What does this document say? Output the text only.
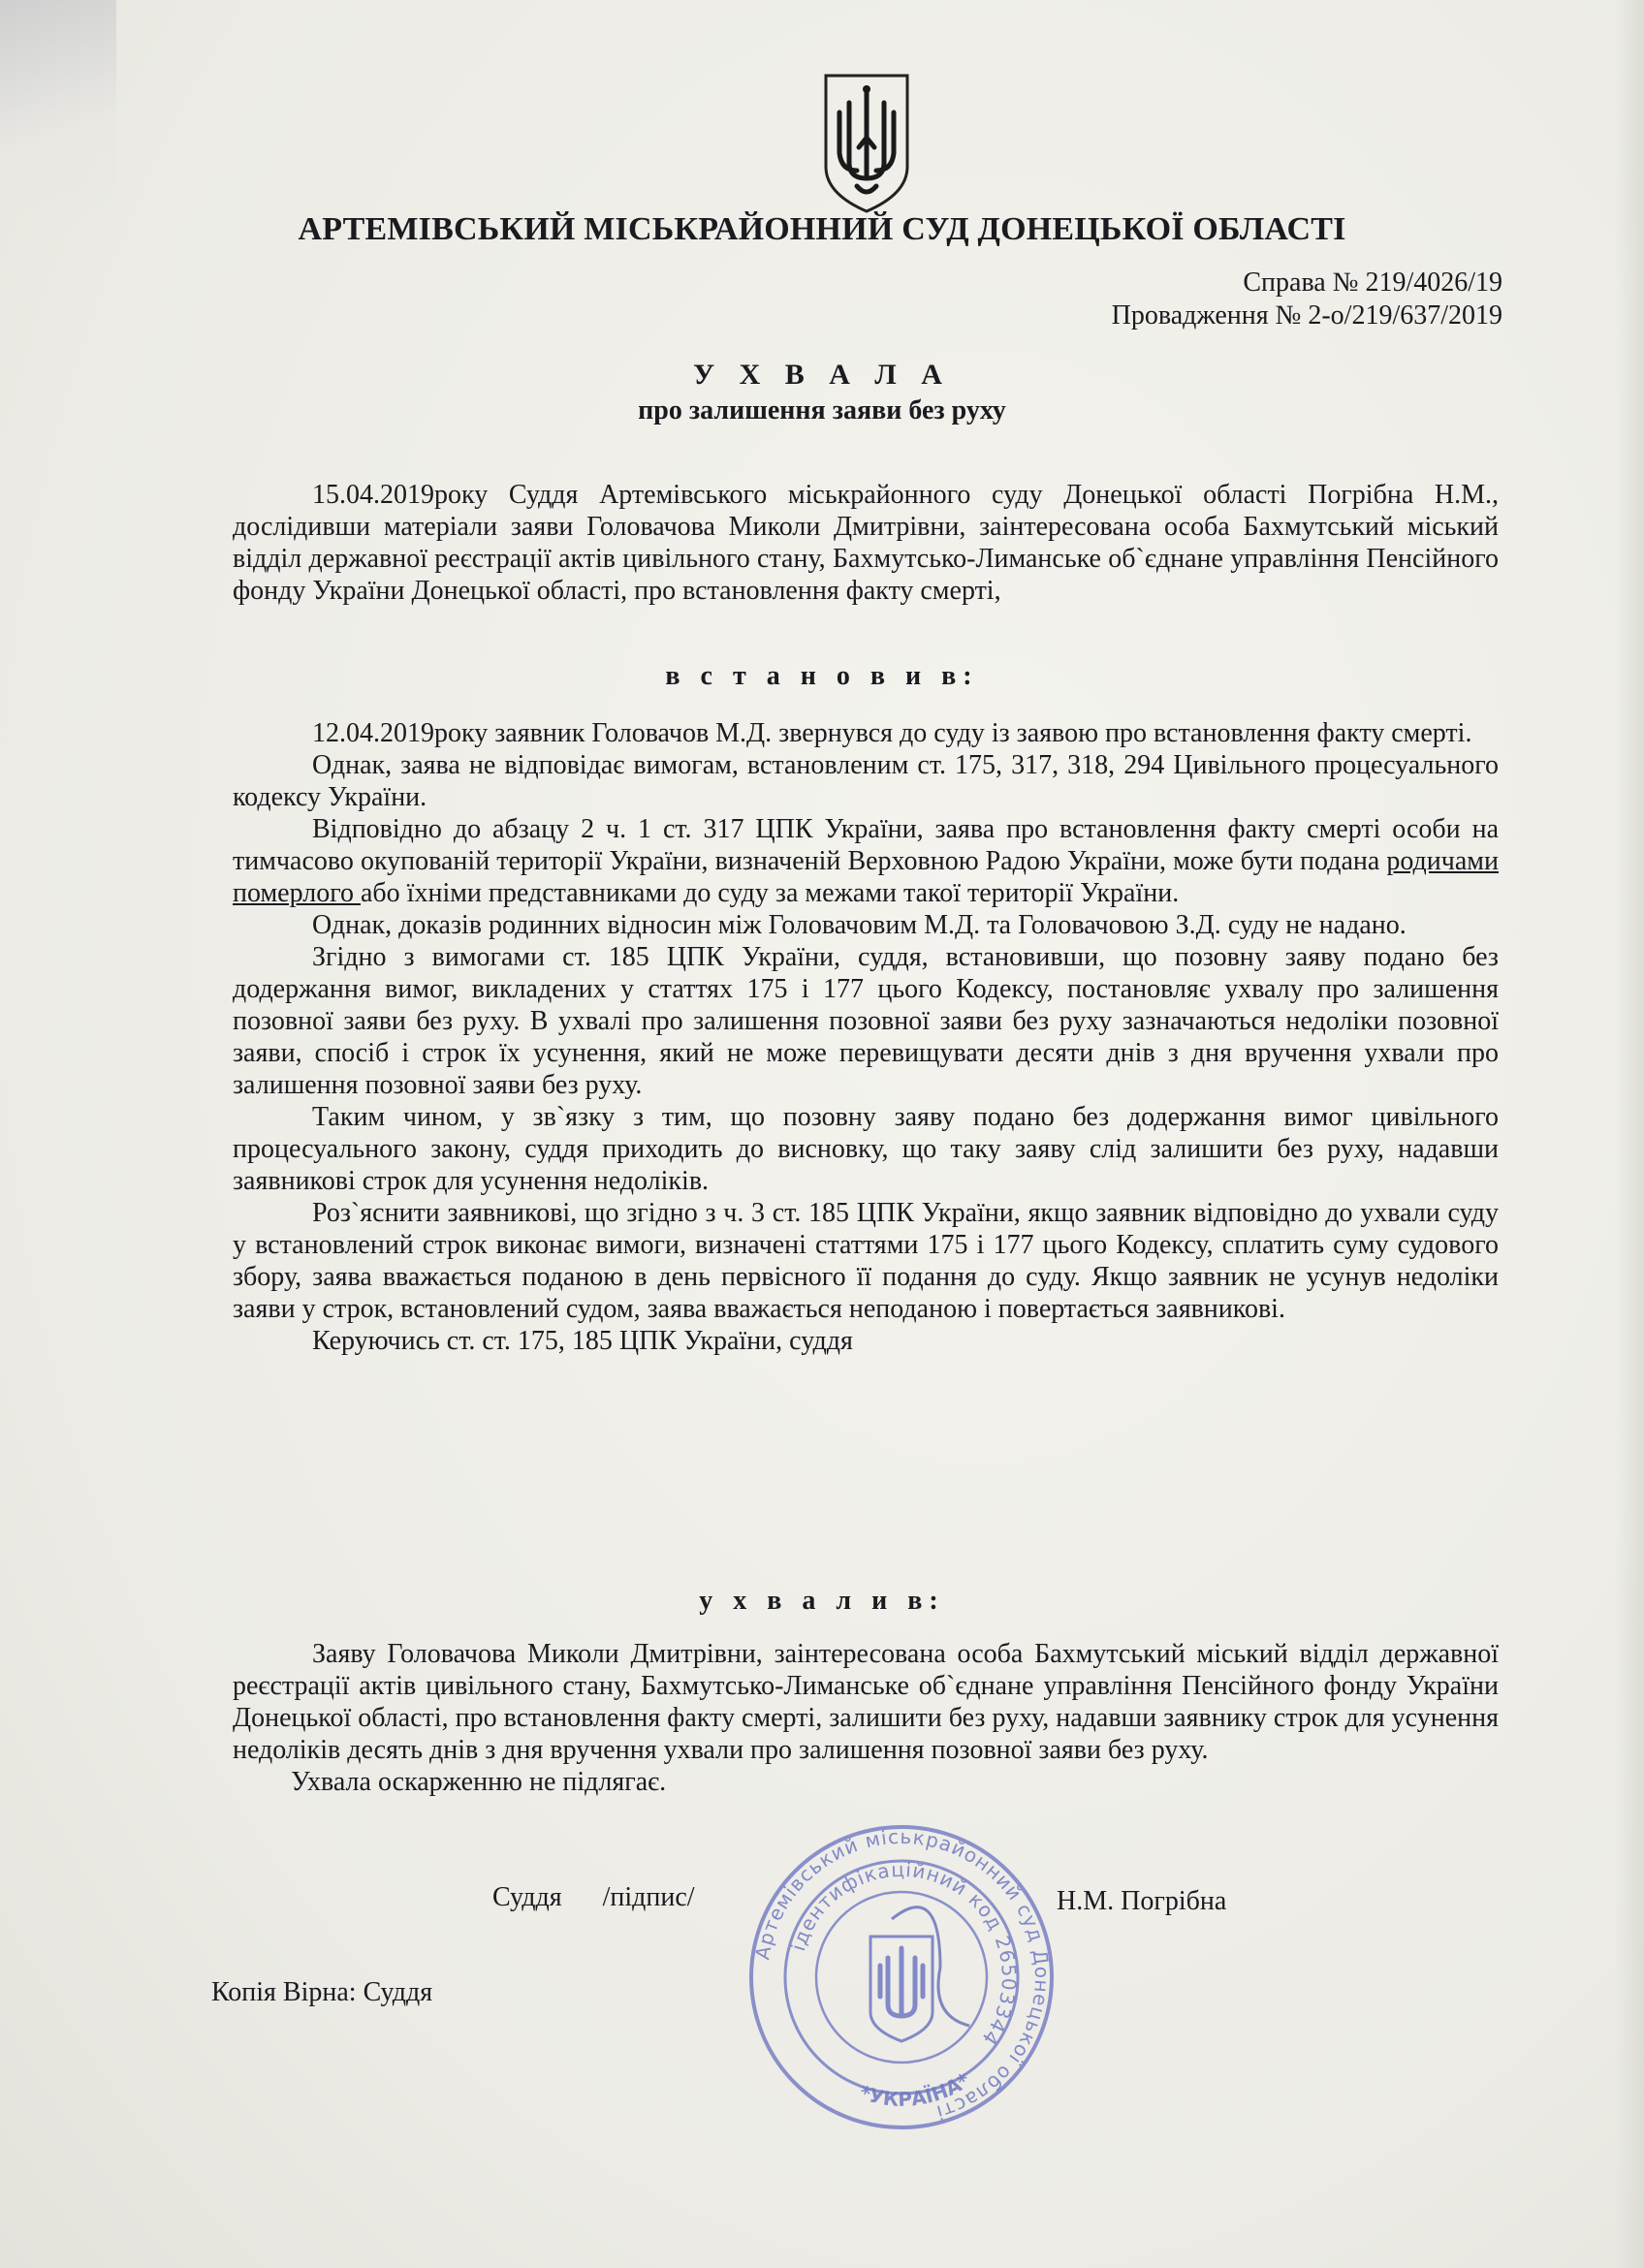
АРТЕМІВСЬКИЙ МІСЬКРАЙОННИЙ СУД ДОНЕЦЬКОЇ ОБЛАСТІ
Справа № 219/4026/19
Провадження № 2-о/219/637/2019
У Х В А Л А
про залишення заяви без руху

15.04.2019року Суддя Артемівського міськрайонного суду Донецької області Погрібна Н.М., дослідивши матеріали заяви Головачова Миколи Дмитрівни, заінтересована особа Бахмутський міський відділ державної реєстрації актів цивільного стану, Бахмутсько-Лиманське об`єднане управління Пенсійного фонду України Донецької області, про встановлення факту смерті,

в с т а н о в и в:

12.04.2019року заявник Головачов М.Д. звернувся до суду із заявою про встановлення факту смерті.

Однак, заява не відповідає вимогам, встановленим ст. 175, 317, 318, 294 Цивільного процесуального кодексу України.

Відповідно до абзацу 2 ч. 1 ст. 317 ЦПК України, заява про встановлення факту смерті особи на тимчасово окупованій території України, визначеній Верховною Радою України, може бути подана родичами померлого або їхніми представниками до суду за межами такої території України.

Однак, доказів родинних відносин між Головачовим М.Д. та Головачовою З.Д. суду не надано.

Згідно з вимогами ст. 185 ЦПК України, суддя, встановивши, що позовну заяву подано без додержання вимог, викладених у статтях 175 і 177 цього Кодексу, постановляє ухвалу про залишення позовної заяви без руху. В ухвалі про залишення позовної заяви без руху зазначаються недоліки позовної заяви, спосіб і строк їх усунення, який не може перевищувати десяти днів з дня вручення ухвали про залишення позовної заяви без руху.

Таким чином, у зв`язку з тим, що позовну заяву подано без додержання вимог цивільного процесуального закону, суддя приходить до висновку, що таку заяву слід залишити без руху, надавши заявникові строк для усунення недоліків.

Роз`яснити заявникові, що згідно з ч. 3 ст. 185 ЦПК України, якщо заявник відповідно до ухвали суду у встановлений строк виконає вимоги, визначені статтями 175 і 177 цього Кодексу, сплатить суму судового збору, заява вважається поданою в день первісного її подання до суду. Якщо заявник не усунув недоліки заяви у строк, встановлений судом, заява вважається неподаною і повертається заявникові.

Керуючись ст. ст. 175, 185 ЦПК України, суддя

у х в а л и в:

Заяву Головачова Миколи Дмитрівни, заінтересована особа Бахмутський міський відділ державної реєстрації актів цивільного стану, Бахмутсько-Лиманське об`єднане управління Пенсійного фонду України Донецької області, про встановлення факту смерті, залишити без руху, надавши заявнику строк для усунення недоліків десять днів з дня вручення ухвали про залишення позовної заяви без руху.

Ухвала оскарженню не підлягає.

Суддя      /підпис/	Н.М. Погрібна
Копія Вірна: Суддя
Артемівський міськрайонний суд Донецької області
ідентифікаційний код 26503344
*УКРАЇНА*
